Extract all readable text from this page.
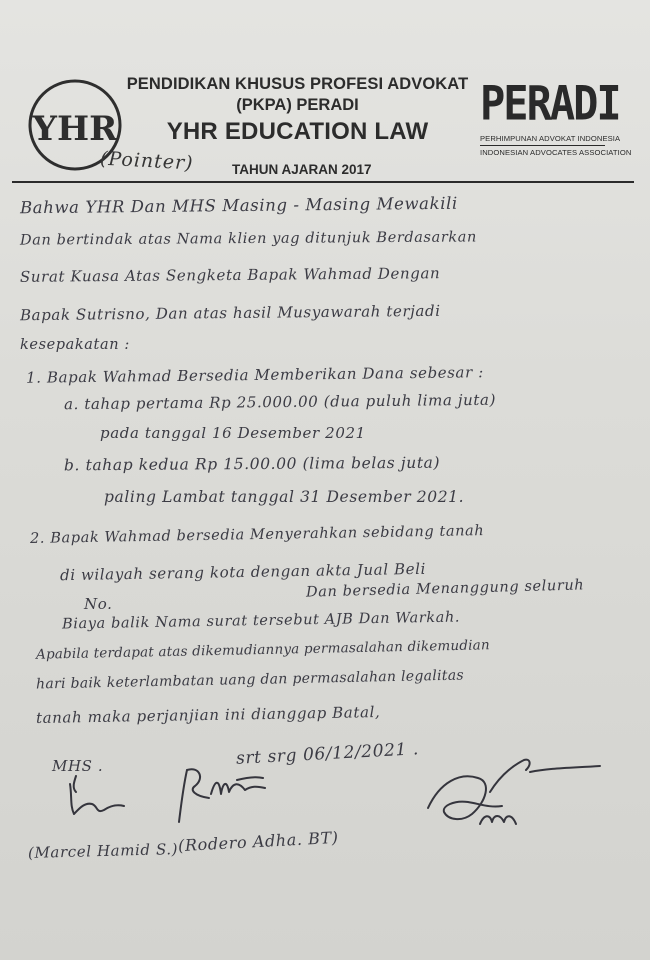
YHR
PENDIDIKAN KHUSUS PROFESI ADVOKAT
(PKPA) PERADI
YHR EDUCATION LAW
TAHUN AJARAN 2017
(Pointer)
PERADI
PERHIMPUNAN ADVOKAT INDONESIA
INDONESIAN ADVOCATES ASSOCIATION
Bahwa YHR Dan MHS Masing - Masing Mewakili
Dan bertindak atas Nama klien yag ditunjuk Berdasarkan
Surat Kuasa Atas Sengketa Bapak Wahmad Dengan
Bapak Sutrisno, Dan atas hasil Musyawarah terjadi
kesepakatan :
1. Bapak Wahmad Bersedia Memberikan Dana sebesar :
a. tahap pertama Rp 25.000.00 (dua puluh lima juta)
pada tanggal 16 Desember 2021
b. tahap kedua Rp 15.00.00 (lima belas juta)
paling Lambat tanggal 31 Desember 2021.
2. Bapak Wahmad bersedia Menyerahkan sebidang tanah
di wilayah serang kota dengan akta Jual Beli
No.
Dan bersedia Menanggung seluruh
Biaya balik Nama surat tersebut AJB Dan Warkah.
Apabila terdapat atas dikemudiannya permasalahan dikemudian
hari baik keterlambatan uang dan permasalahan legalitas
tanah maka perjanjian ini dianggap Batal,
MHS .	srt srg 06/12/2021 .
(Marcel Hamid S.) (Rodero Adha. BT)
